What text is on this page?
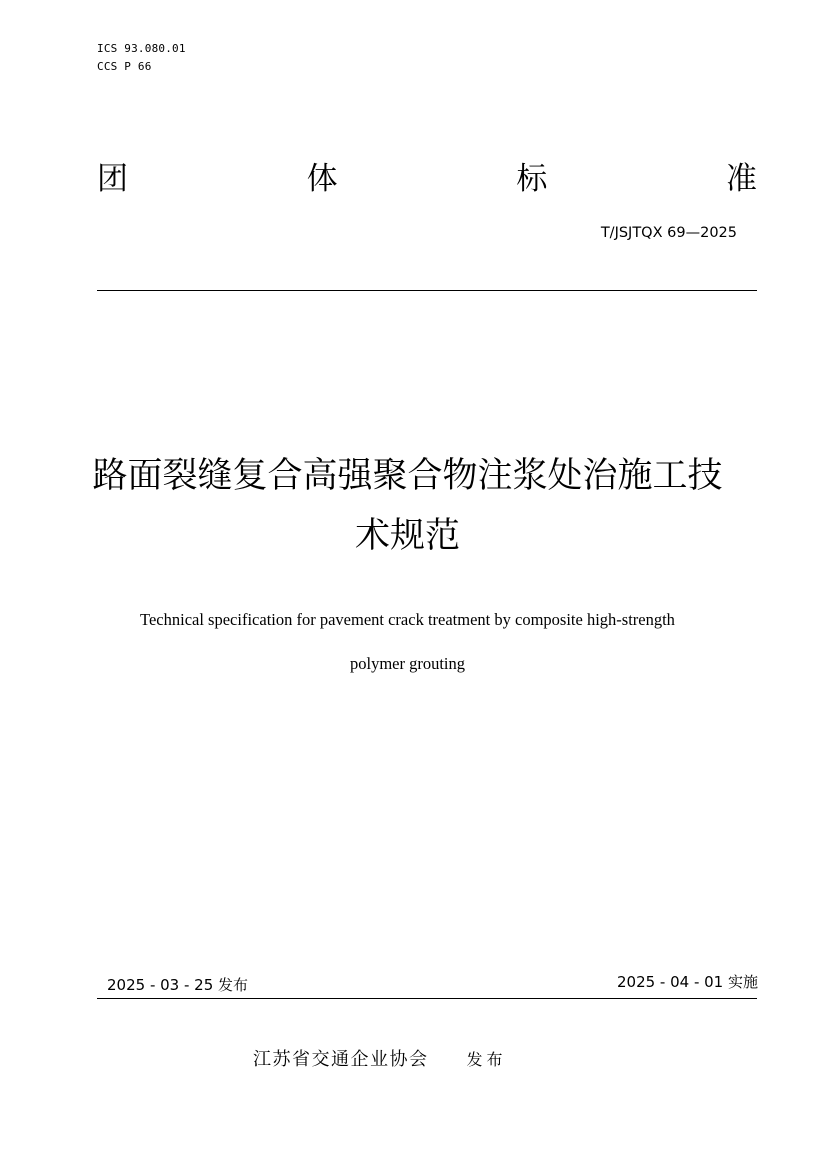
ICS 93.080.01
CCS P 66
团	体	标	准
T/JSJTQX 69—2025
路面裂缝复合高强聚合物注浆处治施工技
术规范
Technical specification for pavement crack treatment by composite high-strength
polymer grouting
2025 - 03 - 25 发布	2025 - 04 - 01 实施
江苏省交通企业协会 发布
